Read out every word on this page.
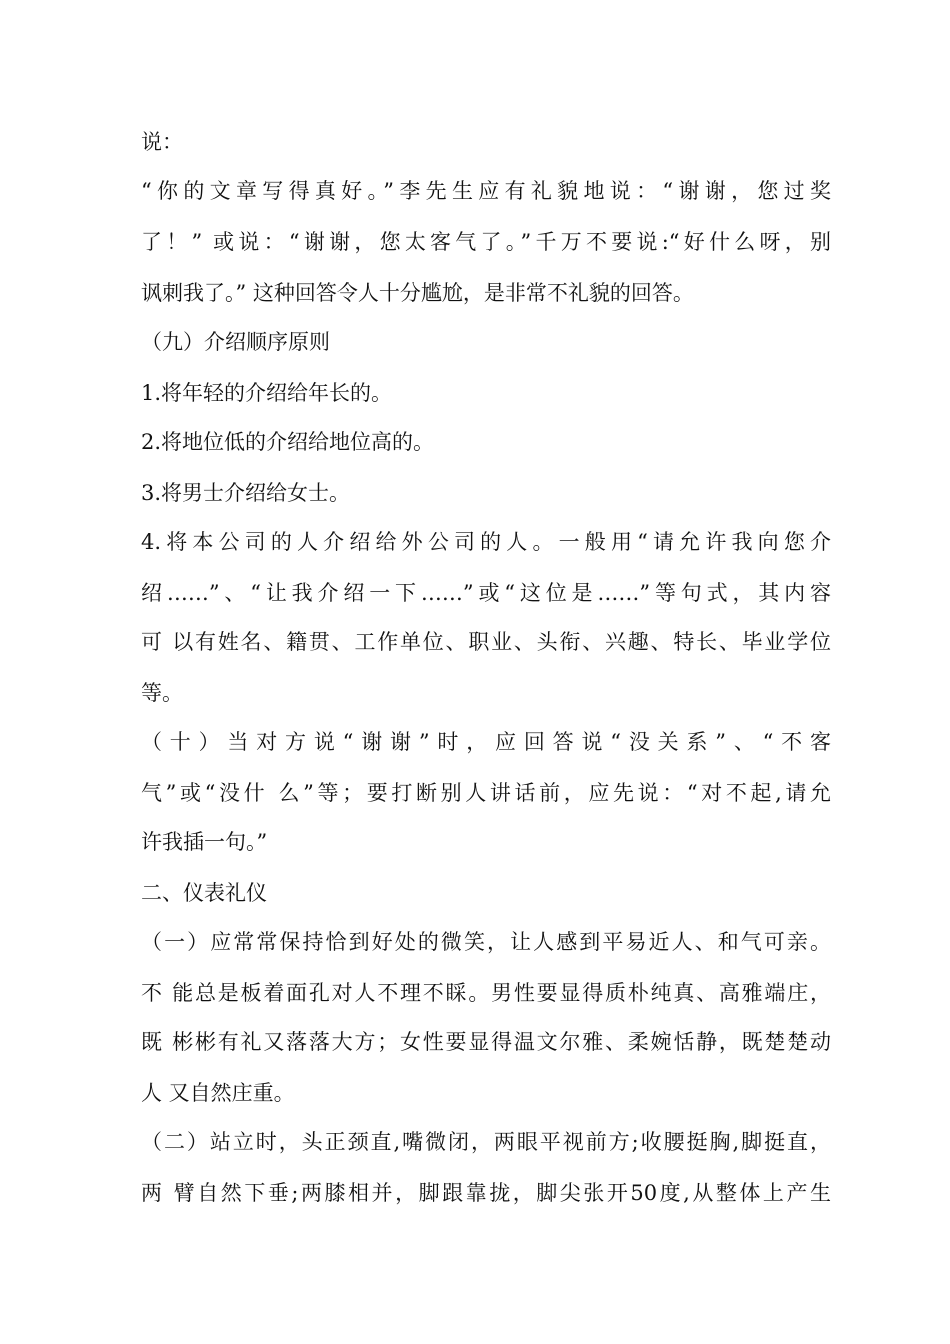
说：
“你的文章写得真好。”李先生应有礼貌地说：“谢谢，您过奖
了！” 或说：“谢谢，您太客气了。”千万不要说:“好什么呀，别
讽刺我了。” 这种回答令人十分尴尬，是非常不礼貌的回答。
（九）介绍顺序原则
1.将年轻的介绍给年长的。
2.将地位低的介绍给地位高的。
3.将男士介绍给女士。
4.将本公司的人介绍给外公司的人。一般用“请允许我向您介
绍……”、“让我介绍一下……”或“这位是……”等句式，其内容
可 以有姓名、籍贯、工作单位、职业、头衔、兴趣、特长、毕业学位
等。
（十）当对方说“谢谢”时，应回答说“没关系”、“不客
气”或“没什 么”等；要打断别人讲话前，应先说：“对不起,请允
许我插一句。”
二、仪表礼仪
（一）应常常保持恰到好处的微笑，让人感到平易近人、和气可亲。
不 能总是板着面孔对人不理不睬。男性要显得质朴纯真、高雅端庄，
既 彬彬有礼又落落大方；女性要显得温文尔雅、柔婉恬静，既楚楚动
人 又自然庄重。
（二）站立时，头正颈直,嘴微闭，两眼平视前方;收腰挺胸,脚挺直，
两 臂自然下垂;两膝相并，脚跟靠拢，脚尖张开50度,从整体上产生
